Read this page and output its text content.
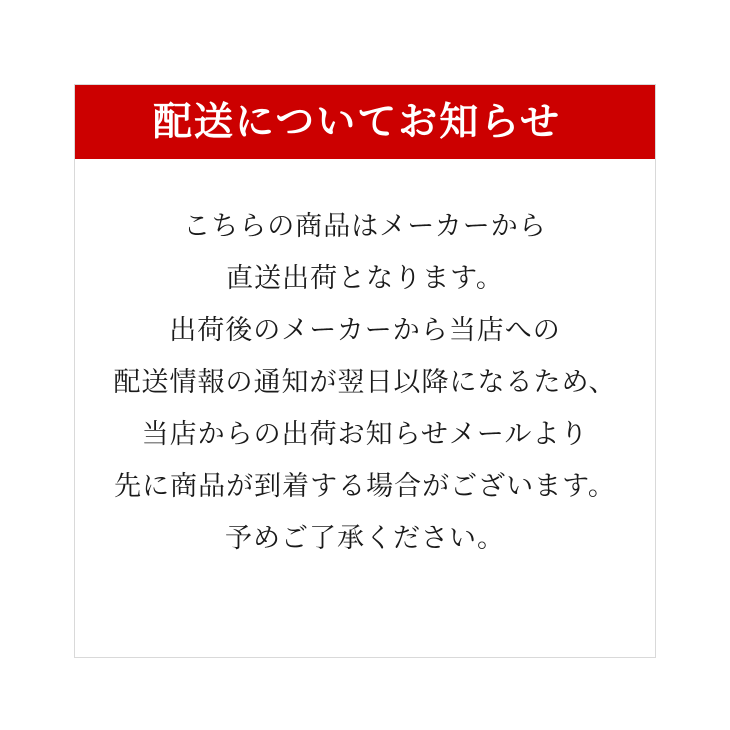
配送についてお知らせ
こちらの商品はメーカーから
直送出荷となります。
出荷後のメーカーから当店への
配送情報の通知が翌日以降になるため、
当店からの出荷お知らせメールより
先に商品が到着する場合がございます。
予めご了承ください。
